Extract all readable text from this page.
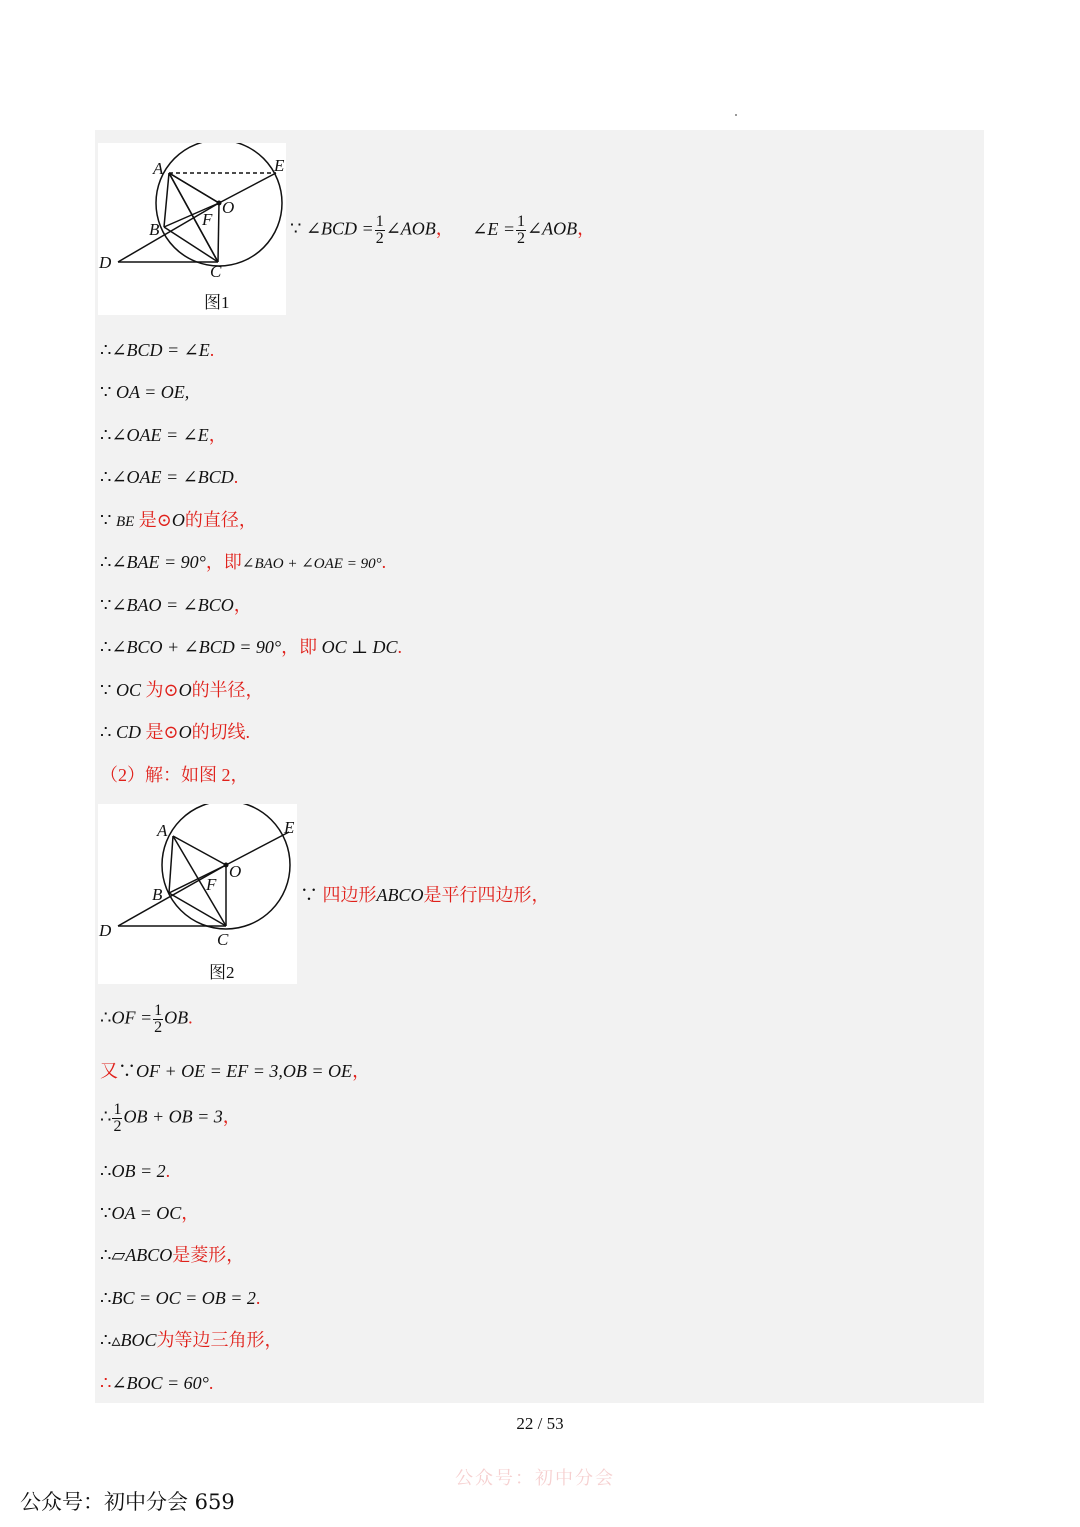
A	E
O
F
B
D	C
图1
∵ ∠BCD = $\frac{1}{2}$ ∠AOB， ∠E = $\frac{1}{2}$ ∠AOB，
∴∠BCD = ∠E.
∵ OA = OE,
∴∠OAE = ∠E，
∴∠OAE = ∠BCD.
∵ BE 是⊙O的直径，
∴∠BAE = 90°，即∠BAO + ∠OAE = 90°.
∵∠BAO = ∠BCO，
∴∠BCO + ∠BCD = 90°，即 OC ⊥ DC.
∵ OC 为⊙O的半径，
∴ CD 是⊙O的切线.
（2）解：如图 2，
A	E
O
F
B
D	C
图2
∵ 四边形ABCO是平行四边形，
∴OF = $\frac{1}{2}$ OB.
又∵OF + OE = EF = 3,OB = OE，
∴ $\frac{1}{2}$ OB + OB = 3，
∴OB = 2.
∵OA = OC，
∴▱ABCO是菱形，
∴BC = OC = OB = 2.
∴▵BOC为等边三角形，
∴∠BOC = 60°.
22 / 53
公众号：初中分会
公众号：初中分会 659
